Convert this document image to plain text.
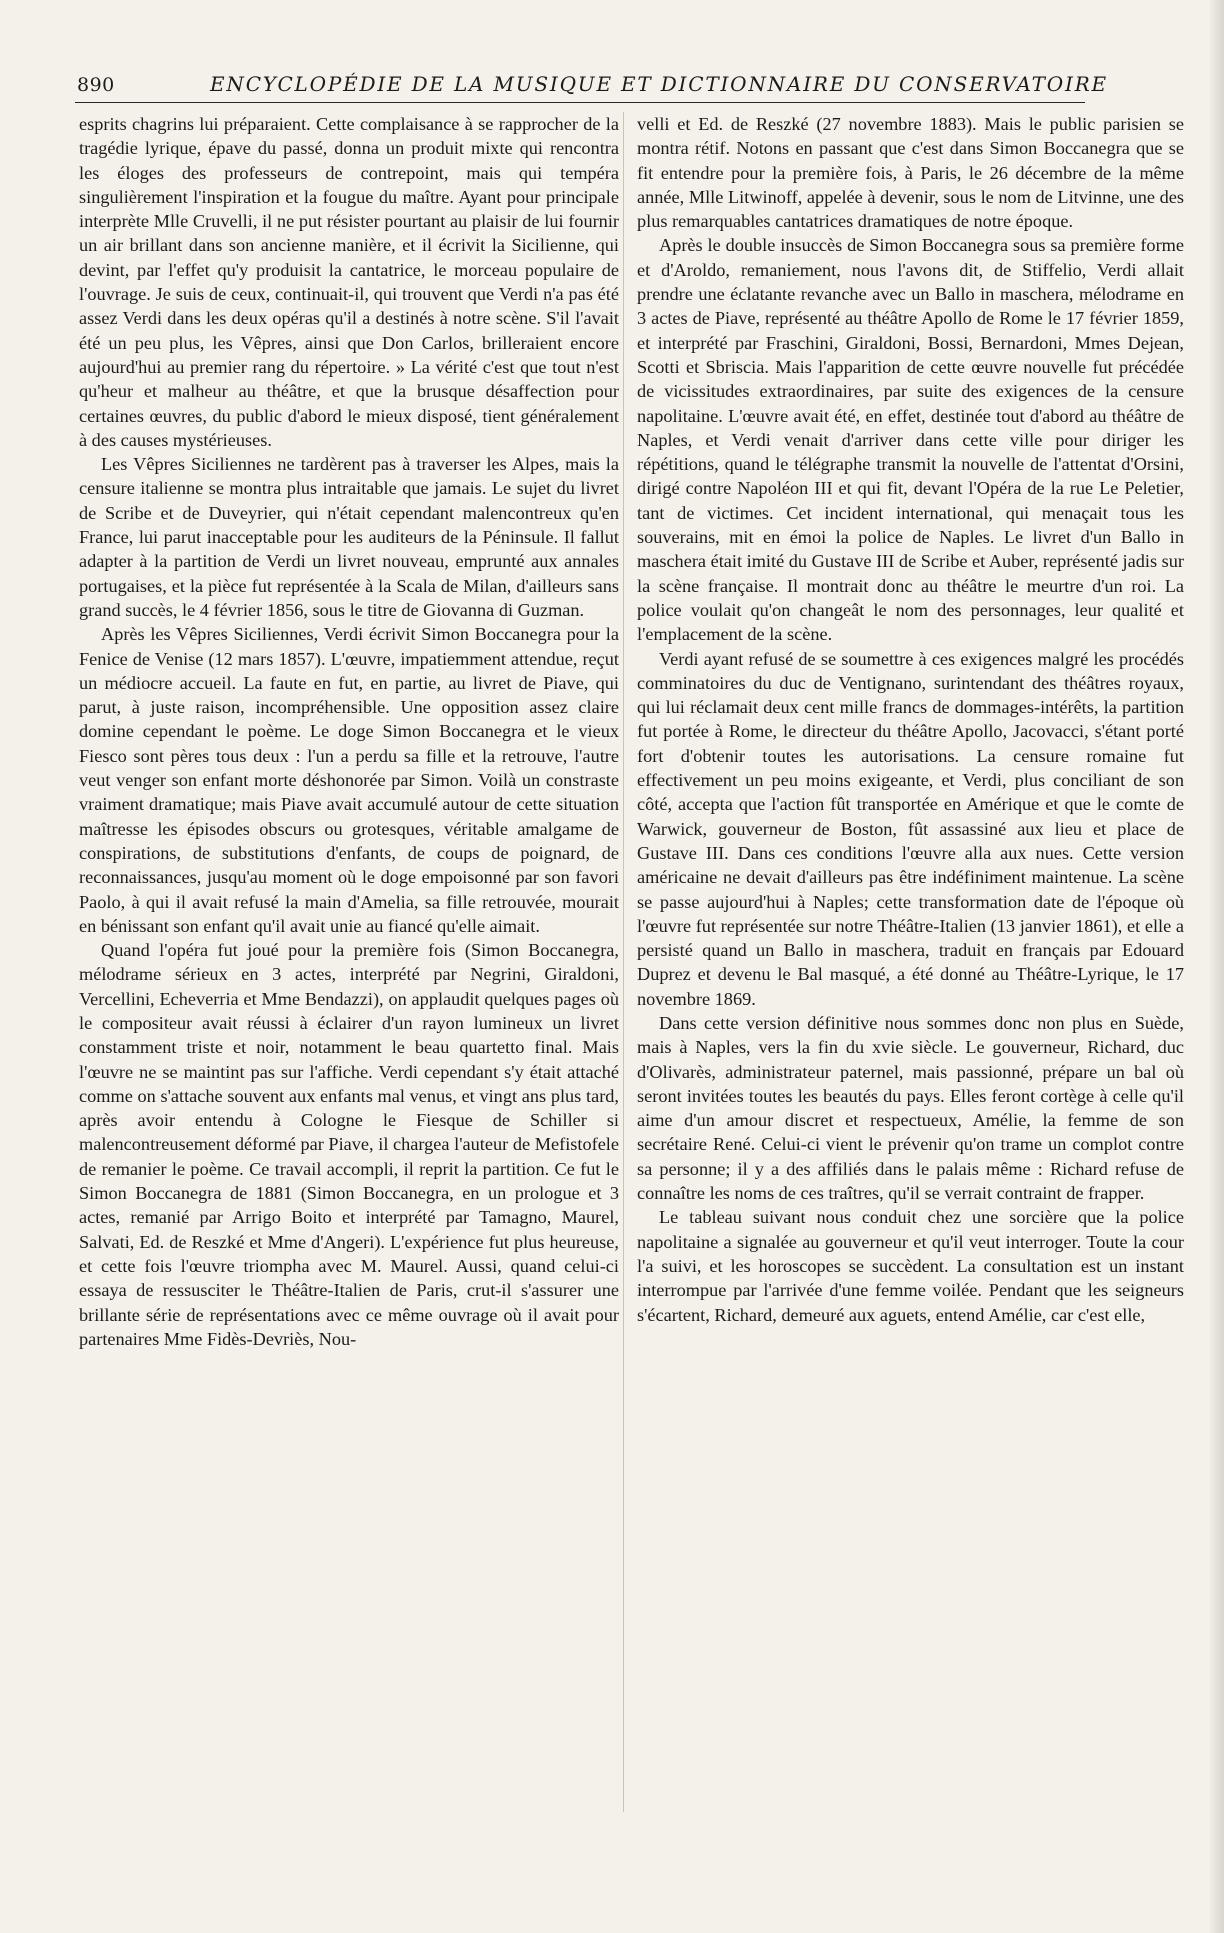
890	ENCYCLOPÉDIE DE LA MUSIQUE ET DICTIONNAIRE DU CONSERVATOIRE

esprits chagrins lui préparaient. Cette complaisance à se rapprocher de la tragédie lyrique, épave du passé, donna un produit mixte qui rencontra les éloges des professeurs de contrepoint, mais qui tempéra singulièrement l'inspiration et la fougue du maître. Ayant pour principale interprète Mlle Cruvelli, il ne put résister pourtant au plaisir de lui fournir un air brillant dans son ancienne manière, et il écrivit la Sicilienne, qui devint, par l'effet qu'y produisit la cantatrice, le morceau populaire de l'ouvrage. Je suis de ceux, continuait-il, qui trouvent que Verdi n'a pas été assez Verdi dans les deux opéras qu'il a destinés à notre scène. S'il l'avait été un peu plus, les Vêpres, ainsi que Don Carlos, brilleraient encore aujourd'hui au premier rang du répertoire. » La vérité c'est que tout n'est qu'heur et malheur au théâtre, et que la brusque désaffection pour certaines œuvres, du public d'abord le mieux disposé, tient généralement à des causes mystérieuses.

Les Vêpres Siciliennes ne tardèrent pas à traverser les Alpes, mais la censure italienne se montra plus intraitable que jamais. Le sujet du livret de Scribe et de Duveyrier, qui n'était cependant malencontreux qu'en France, lui parut inacceptable pour les auditeurs de la Péninsule. Il fallut adapter à la partition de Verdi un livret nouveau, emprunté aux annales portugaises, et la pièce fut représentée à la Scala de Milan, d'ailleurs sans grand succès, le 4 février 1856, sous le titre de Giovanna di Guzman.

Après les Vêpres Siciliennes, Verdi écrivit Simon Boccanegra pour la Fenice de Venise (12 mars 1857). L'œuvre, impatiemment attendue, reçut un médiocre accueil. La faute en fut, en partie, au livret de Piave, qui parut, à juste raison, incompréhensible. Une opposition assez claire domine cependant le poème. Le doge Simon Boccanegra et le vieux Fiesco sont pères tous deux : l'un a perdu sa fille et la retrouve, l'autre veut venger son enfant morte déshonorée par Simon. Voilà un constraste vraiment dramatique; mais Piave avait accumulé autour de cette situation maîtresse les épisodes obscurs ou grotesques, véritable amalgame de conspirations, de substitutions d'enfants, de coups de poignard, de reconnaissances, jusqu'au moment où le doge empoisonné par son favori Paolo, à qui il avait refusé la main d'Amelia, sa fille retrouvée, mourait en bénissant son enfant qu'il avait unie au fiancé qu'elle aimait.

Quand l'opéra fut joué pour la première fois (Simon Boccanegra, mélodrame sérieux en 3 actes, interprété par Negrini, Giraldoni, Vercellini, Echeverria et Mme Bendazzi), on applaudit quelques pages où le compositeur avait réussi à éclairer d'un rayon lumineux un livret constamment triste et noir, notamment le beau quartetto final. Mais l'œuvre ne se maintint pas sur l'affiche. Verdi cependant s'y était attaché comme on s'attache souvent aux enfants mal venus, et vingt ans plus tard, après avoir entendu à Cologne le Fiesque de Schiller si malencontreusement déformé par Piave, il chargea l'auteur de Mefistofele de remanier le poème. Ce travail accompli, il reprit la partition. Ce fut le Simon Boccanegra de 1881 (Simon Boccanegra, en un prologue et 3 actes, remanié par Arrigo Boito et interprété par Tamagno, Maurel, Salvati, Ed. de Reszké et Mme d'Angeri). L'expérience fut plus heureuse, et cette fois l'œuvre triompha avec M. Maurel. Aussi, quand celui-ci essaya de ressusciter le Théâtre-Italien de Paris, crut-il s'assurer une brillante série de représentations avec ce même ouvrage où il avait pour partenaires Mme Fidès-Devriès, Nou-

velli et Ed. de Reszké (27 novembre 1883). Mais le public parisien se montra rétif. Notons en passant que c'est dans Simon Boccanegra que se fit entendre pour la première fois, à Paris, le 26 décembre de la même année, Mlle Litwinoff, appelée à devenir, sous le nom de Litvinne, une des plus remarquables cantatrices dramatiques de notre époque.

Après le double insuccès de Simon Boccanegra sous sa première forme et d'Aroldo, remaniement, nous l'avons dit, de Stiffelio, Verdi allait prendre une éclatante revanche avec un Ballo in maschera, mélodrame en 3 actes de Piave, représenté au théâtre Apollo de Rome le 17 février 1859, et interprété par Fraschini, Giraldoni, Bossi, Bernardoni, Mmes Dejean, Scotti et Sbriscia. Mais l'apparition de cette œuvre nouvelle fut précédée de vicissitudes extraordinaires, par suite des exigences de la censure napolitaine. L'œuvre avait été, en effet, destinée tout d'abord au théâtre de Naples, et Verdi venait d'arriver dans cette ville pour diriger les répétitions, quand le télégraphe transmit la nouvelle de l'attentat d'Orsini, dirigé contre Napoléon III et qui fit, devant l'Opéra de la rue Le Peletier, tant de victimes. Cet incident international, qui menaçait tous les souverains, mit en émoi la police de Naples. Le livret d'un Ballo in maschera était imité du Gustave III de Scribe et Auber, représenté jadis sur la scène française. Il montrait donc au théâtre le meurtre d'un roi. La police voulait qu'on changeât le nom des personnages, leur qualité et l'emplacement de la scène.

Verdi ayant refusé de se soumettre à ces exigences malgré les procédés comminatoires du duc de Ventignano, surintendant des théâtres royaux, qui lui réclamait deux cent mille francs de dommages-intérêts, la partition fut portée à Rome, le directeur du théâtre Apollo, Jacovacci, s'étant porté fort d'obtenir toutes les autorisations. La censure romaine fut effectivement un peu moins exigeante, et Verdi, plus conciliant de son côté, accepta que l'action fût transportée en Amérique et que le comte de Warwick, gouverneur de Boston, fût assassiné aux lieu et place de Gustave III. Dans ces conditions l'œuvre alla aux nues. Cette version américaine ne devait d'ailleurs pas être indéfiniment maintenue. La scène se passe aujourd'hui à Naples; cette transformation date de l'époque où l'œuvre fut représentée sur notre Théâtre-Italien (13 janvier 1861), et elle a persisté quand un Ballo in maschera, traduit en français par Edouard Duprez et devenu le Bal masqué, a été donné au Théâtre-Lyrique, le 17 novembre 1869.

Dans cette version définitive nous sommes donc non plus en Suède, mais à Naples, vers la fin du xvie siècle. Le gouverneur, Richard, duc d'Olivarès, administrateur paternel, mais passionné, prépare un bal où seront invitées toutes les beautés du pays. Elles feront cortège à celle qu'il aime d'un amour discret et respectueux, Amélie, la femme de son secrétaire René. Celui-ci vient le prévenir qu'on trame un complot contre sa personne; il y a des affiliés dans le palais même : Richard refuse de connaître les noms de ces traîtres, qu'il se verrait contraint de frapper.

Le tableau suivant nous conduit chez une sorcière que la police napolitaine a signalée au gouverneur et qu'il veut interroger. Toute la cour l'a suivi, et les horoscopes se succèdent. La consultation est un instant interrompue par l'arrivée d'une femme voilée. Pendant que les seigneurs s'écartent, Richard, demeuré aux aguets, entend Amélie, car c'est elle,
